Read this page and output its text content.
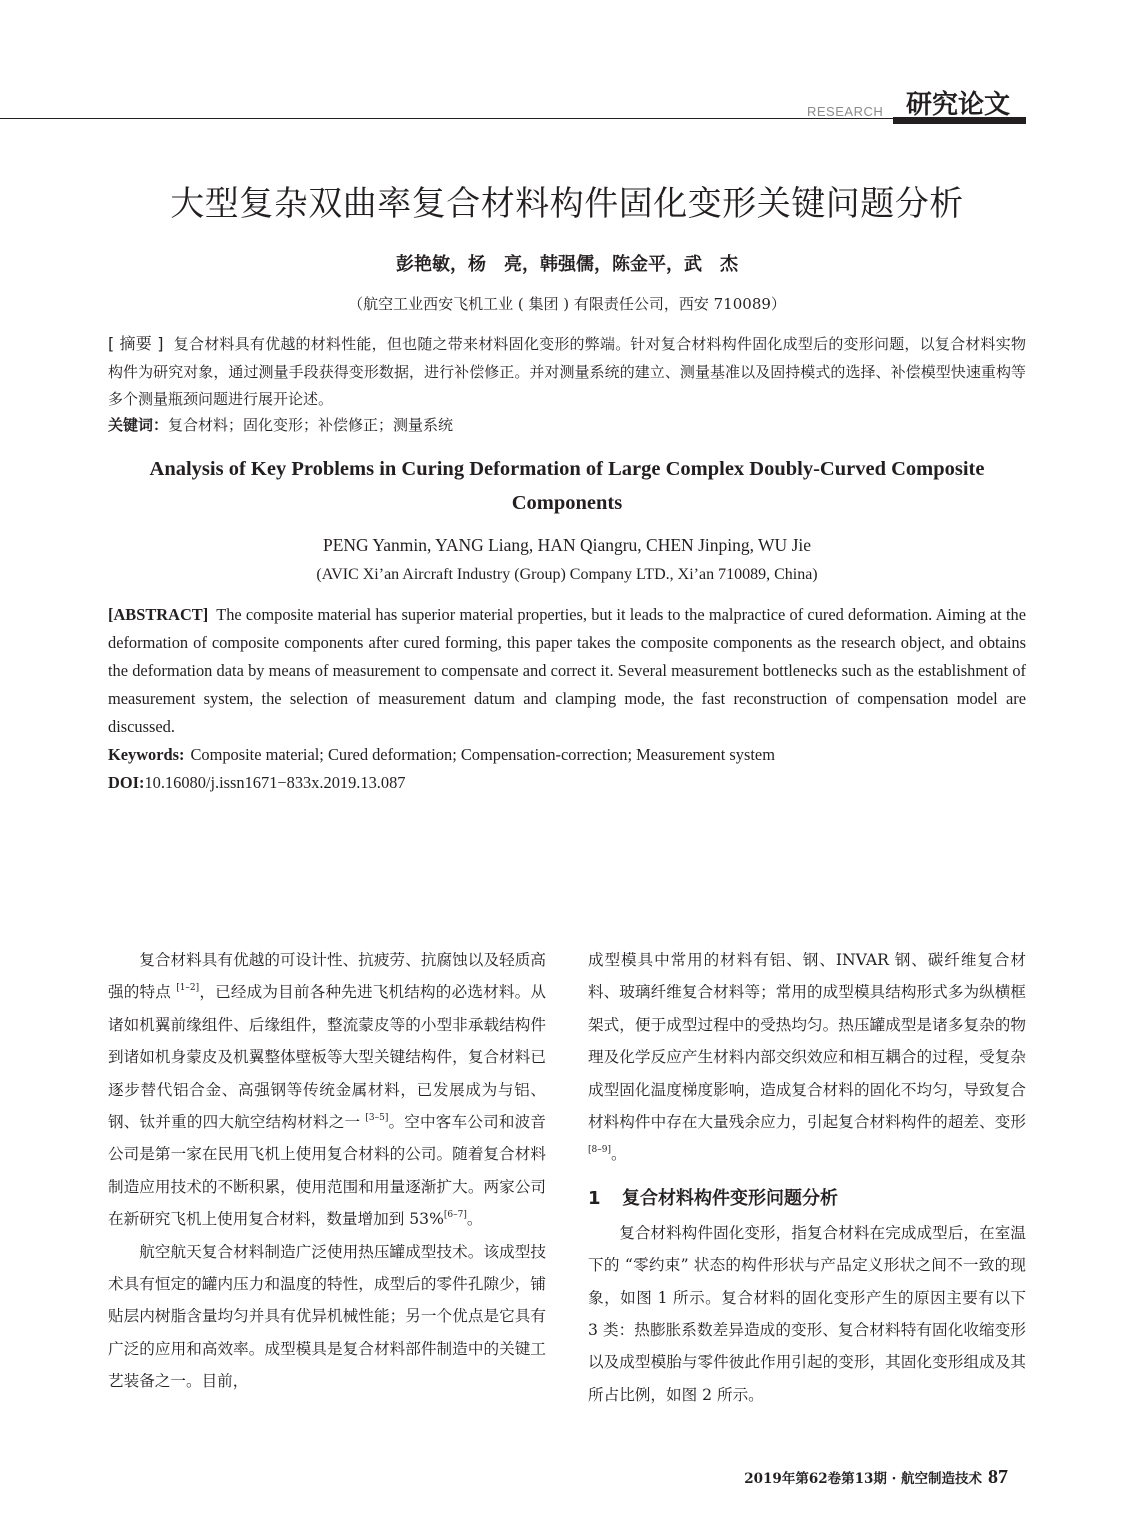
RESEARCH 研究论文
大型复杂双曲率复合材料构件固化变形关键问题分析
彭艳敏，杨　亮，韩强儒，陈金平，武　杰
（航空工业西安飞机工业 ( 集团 ) 有限责任公司，西安 710089）
[ 摘要 ] 复合材料具有优越的材料性能，但也随之带来材料固化变形的弊端。针对复合材料构件固化成型后的变形问题，以复合材料实物构件为研究对象，通过测量手段获得变形数据，进行补偿修正。并对测量系统的建立、测量基准以及固持模式的选择、补偿模型快速重构等多个测量瓶颈问题进行展开论述。
关键词：复合材料；固化变形；补偿修正；测量系统
Analysis of Key Problems in Curing Deformation of Large Complex Doubly-Curved Composite Components
PENG Yanmin, YANG Liang, HAN Qiangru, CHEN Jinping, WU Jie
(AVIC Xi’an Aircraft Industry (Group) Company LTD., Xi’an 710089, China)
[ABSTRACT] The composite material has superior material properties, but it leads to the malpractice of cured deformation. Aiming at the deformation of composite components after cured forming, this paper takes the composite components as the research object, and obtains the deformation data by means of measurement to compensate and correct it. Several measurement bottlenecks such as the establishment of measurement system, the selection of measurement datum and clamping mode, the fast reconstruction of compensation model are discussed.
Keywords: Composite material; Cured deformation; Compensation-correction; Measurement system
DOI:10.16080/j.issn1671−833x.2019.13.087

复合材料具有优越的可设计性、抗疲劳、抗腐蚀以及轻质高强的特点 [1–2]，已经成为目前各种先进飞机结构的必选材料。从诸如机翼前缘组件、后缘组件，整流蒙皮等的小型非承载结构件到诸如机身蒙皮及机翼整体壁板等大型关键结构件，复合材料已逐步替代铝合金、高强钢等传统金属材料，已发展成为与铝、钢、钛并重的四大航空结构材料之一 [3–5]。空中客车公司和波音公司是第一家在民用飞机上使用复合材料的公司。随着复合材料制造应用技术的不断积累，使用范围和用量逐渐扩大。两家公司在新研究飞机上使用复合材料，数量增加到 53%[6–7]。

航空航天复合材料制造广泛使用热压罐成型技术。该成型技术具有恒定的罐内压力和温度的特性，成型后的零件孔隙少，铺贴层内树脂含量均匀并具有优异机械性能；另一个优点是它具有广泛的应用和高效率。成型模具是复合材料部件制造中的关键工艺装备之一。目前，

成型模具中常用的材料有铝、钢、INVAR 钢、碳纤维复合材料、玻璃纤维复合材料等；常用的成型模具结构形式多为纵横框架式，便于成型过程中的受热均匀。热压罐成型是诸多复杂的物理及化学反应产生材料内部交织效应和相互耦合的过程，受复杂成型固化温度梯度影响，造成复合材料的固化不均匀，导致复合材料构件中存在大量残余应力，引起复合材料构件的超差、变形 [8–9]。

1 复合材料构件变形问题分析

复合材料构件固化变形，指复合材料在完成成型后，在室温下的 “零约束” 状态的构件形状与产品定义形状之间不一致的现象，如图 1 所示。复合材料的固化变形产生的原因主要有以下 3 类：热膨胀系数差异造成的变形、复合材料特有固化收缩变形以及成型模胎与零件彼此作用引起的变形，其固化变形组成及其所占比例，如图 2 所示。

2019年第62卷第13期 · 航空制造技术 87
